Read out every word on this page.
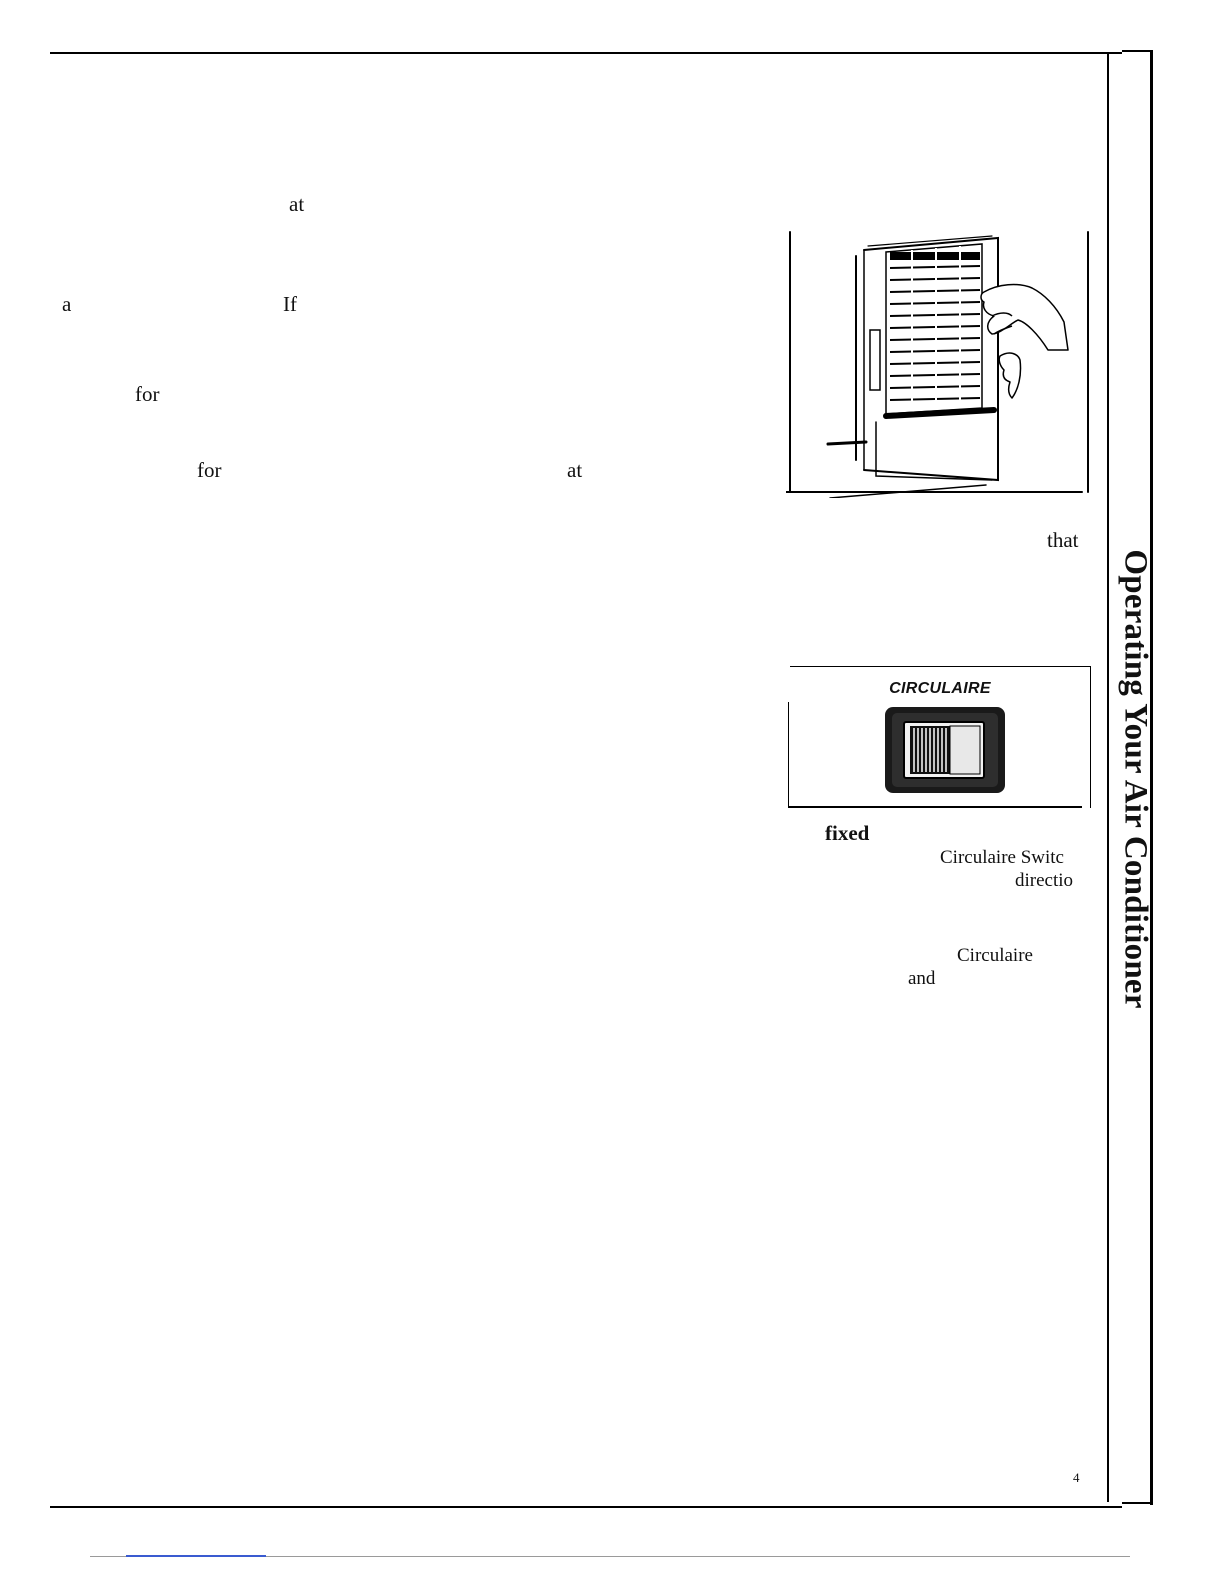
Operating Your Air Conditioner
at
a	If
for
for	at
that
fixed
Circulaire Switc
directio
Circulaire
and
4
CIRCULAIRE
